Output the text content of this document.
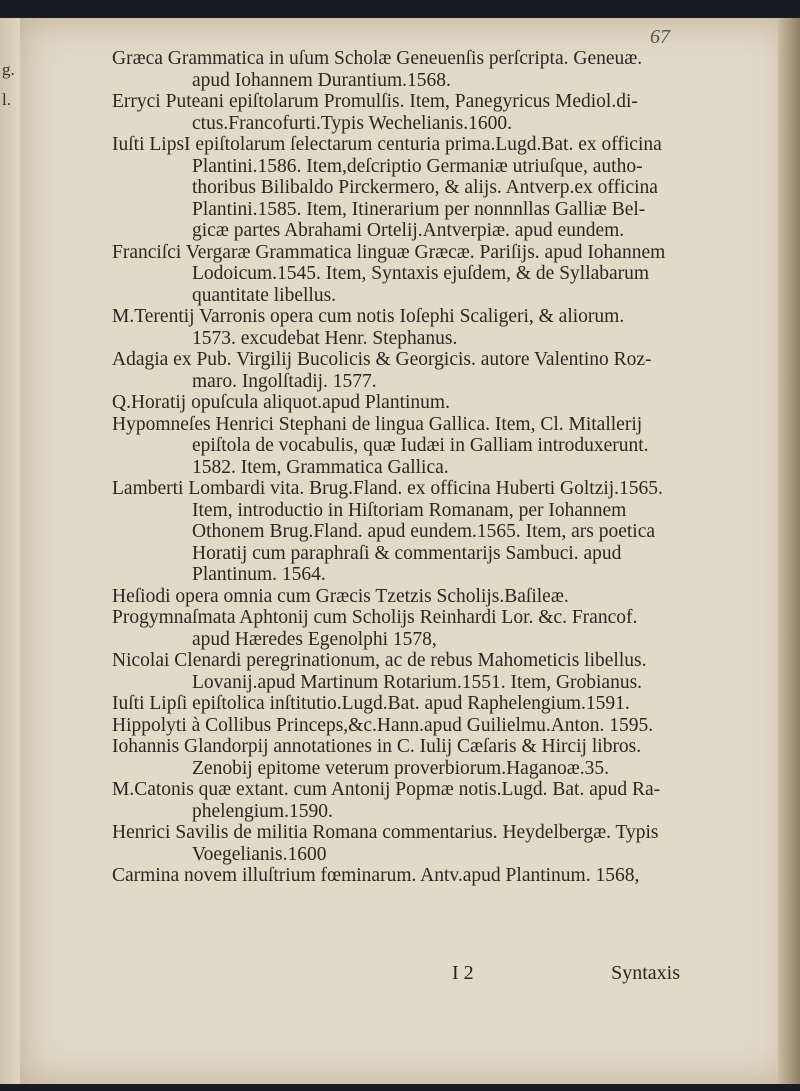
g.
l.
67
Græca Grammatica in uſum Scholæ Geneuenſis perſcripta. Geneuæ.
apud Iohannem Durantium.1568.
Erryci Puteani epiſtolarum Promulſis. Item, Panegyricus Mediol.di-
ctus.Francofurti.Typis Wechelianis.1600.
Iuſti LipsI epiſtolarum ſelectarum centuria prima.Lugd.Bat. ex officina
Plantini.1586. Item,deſcriptio Germaniæ utriuſque, autho-
thoribus Bilibaldo Pirckermero, & alijs. Antverp.ex officina
Plantini.1585. Item, Itinerarium per nonnnllas Galliæ Bel-
gicæ partes Abrahami Ortelij.Antverpiæ. apud eundem.
Franciſci Vergaræ Grammatica linguæ Græcæ. Pariſijs. apud Iohannem
Lodoicum.1545. Item, Syntaxis ejuſdem, & de Syllabarum
quantitate libellus.
M.Terentij Varronis opera cum notis Ioſephi Scaligeri, & aliorum.
1573. excudebat Henr. Stephanus.
Adagia ex Pub. Virgilij Bucolicis & Georgicis. autore Valentino Roz-
maro. Ingolſtadij. 1577.
Q.Horatij opuſcula aliquot.apud Plantinum.
Hypomneſes Henrici Stephani de lingua Gallica. Item, Cl. Mitallerij
epiſtola de vocabulis, quæ Iudæi in Galliam introduxerunt.
1582. Item, Grammatica Gallica.
Lamberti Lombardi vita. Brug.Fland. ex officina Huberti Goltzij.1565.
Item, introductio in Hiſtoriam Romanam, per Iohannem
Othonem Brug.Fland. apud eundem.1565. Item, ars poetica
Horatij cum paraphraſi & commentarijs Sambuci. apud
Plantinum. 1564.
Heſiodi opera omnia cum Græcis Tzetzis Scholijs.Baſileæ.
Progymnaſmata Aphtonij cum Scholijs Reinhardi Lor. &c. Francof.
apud Hæredes Egenolphi 1578,
Nicolai Clenardi peregrinationum, ac de rebus Mahometicis libellus.
Lovanij.apud Martinum Rotarium.1551. Item, Grobianus.
Iuſti Lipſi epiſtolica inſtitutio.Lugd.Bat. apud Raphelengium.1591.
Hippolyti à Collibus Princeps,&c.Hann.apud Guilielmu.Anton. 1595.
Iohannis Glandorpij annotationes in C. Iulij Cæſaris & Hircij libros.
Zenobij epitome veterum proverbiorum.Haganoæ.35.
M.Catonis quæ extant. cum Antonij Popmæ notis.Lugd. Bat. apud Ra-
phelengium.1590.
Henrici Savilis de militia Romana commentarius. Heydelbergæ. Typis
Voegelianis.1600
Carmina novem illuſtrium fœminarum. Antv.apud Plantinum. 1568,
I 2	Syntaxis
